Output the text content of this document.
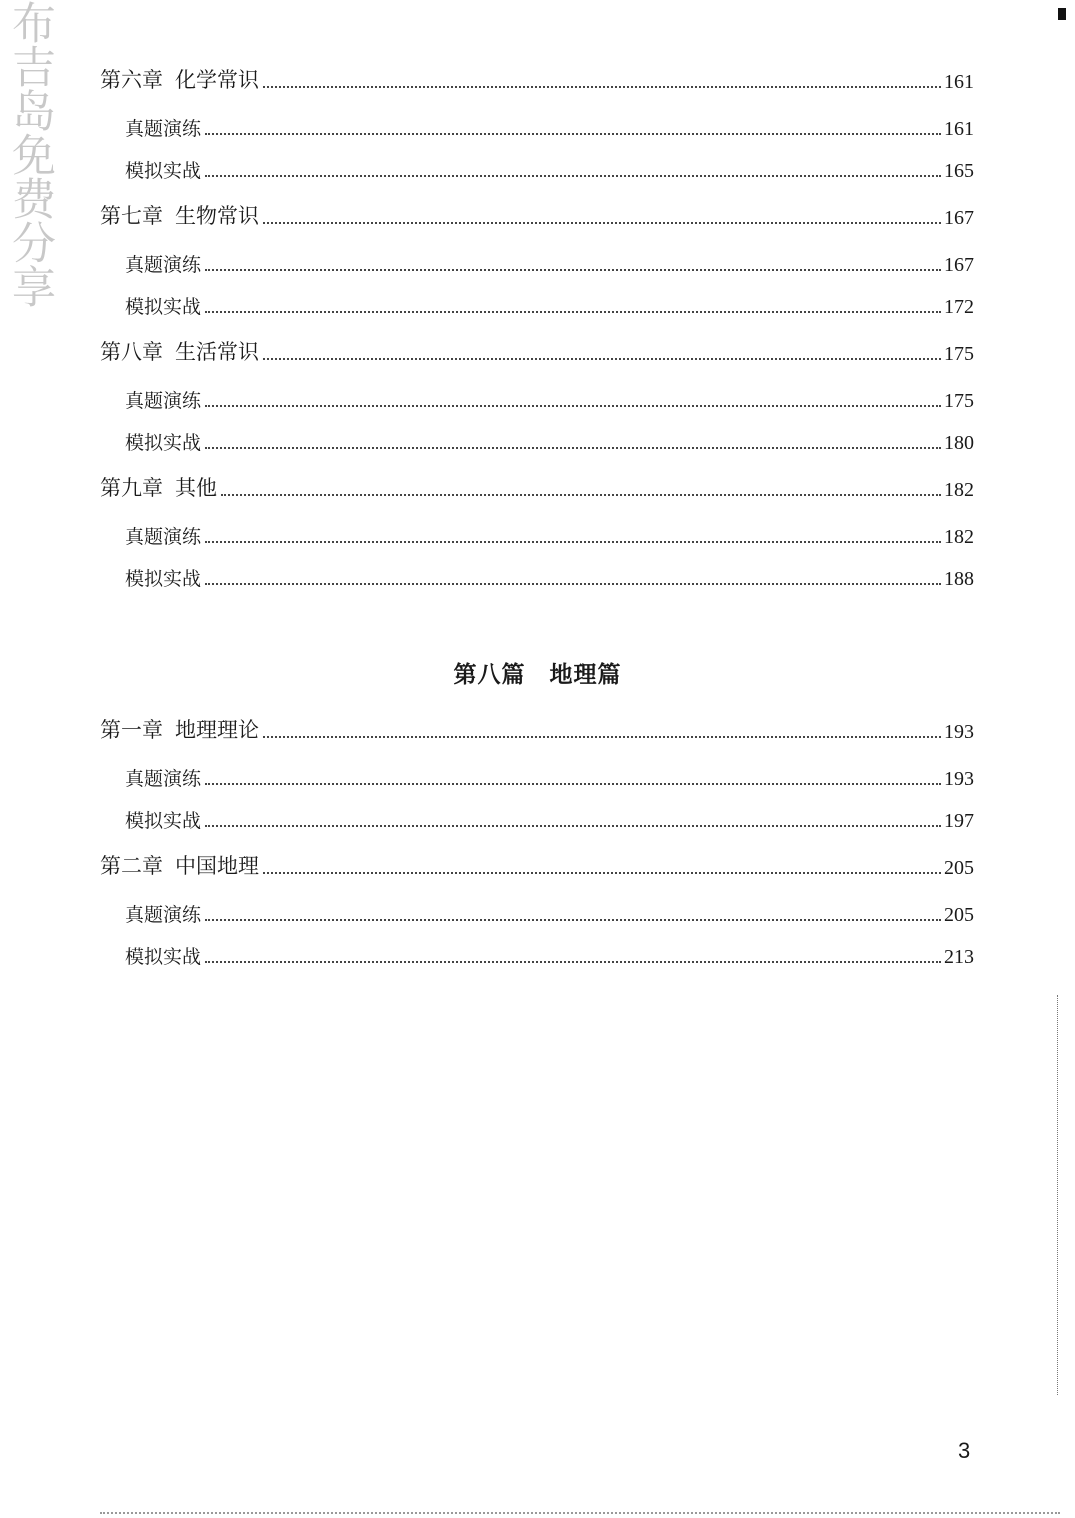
布吉岛免费分享 第六章 化学常识	161
真题演练	161
模拟实战	165
第七章 生物常识	167
真题演练	167
模拟实战	172
第八章 生活常识	175
真题演练	175
模拟实战	180
第九章 其他	182
真题演练	182
模拟实战	188
第八篇 地理篇
第一章 地理理论	193
真题演练	193
模拟实战	197
第二章 中国地理	205
真题演练	205
模拟实战	213
3
